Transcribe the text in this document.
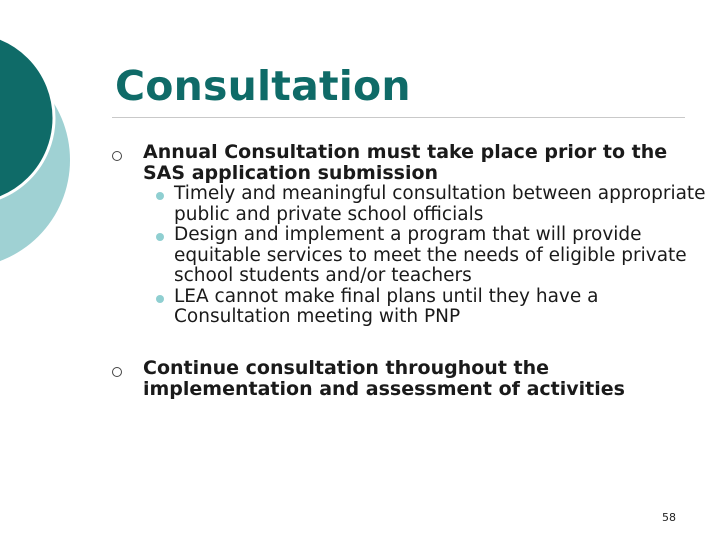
Consultation
Annual Consultation must take place prior to the SAS application submission
Timely and meaningful consultation between appropriate public and private school officials
Design and implement a program that will provide equitable services to meet the needs of eligible private school students and/or teachers
LEA cannot make final plans until they have a Consultation meeting with PNP
Continue consultation throughout the implementation and assessment of activities
58
